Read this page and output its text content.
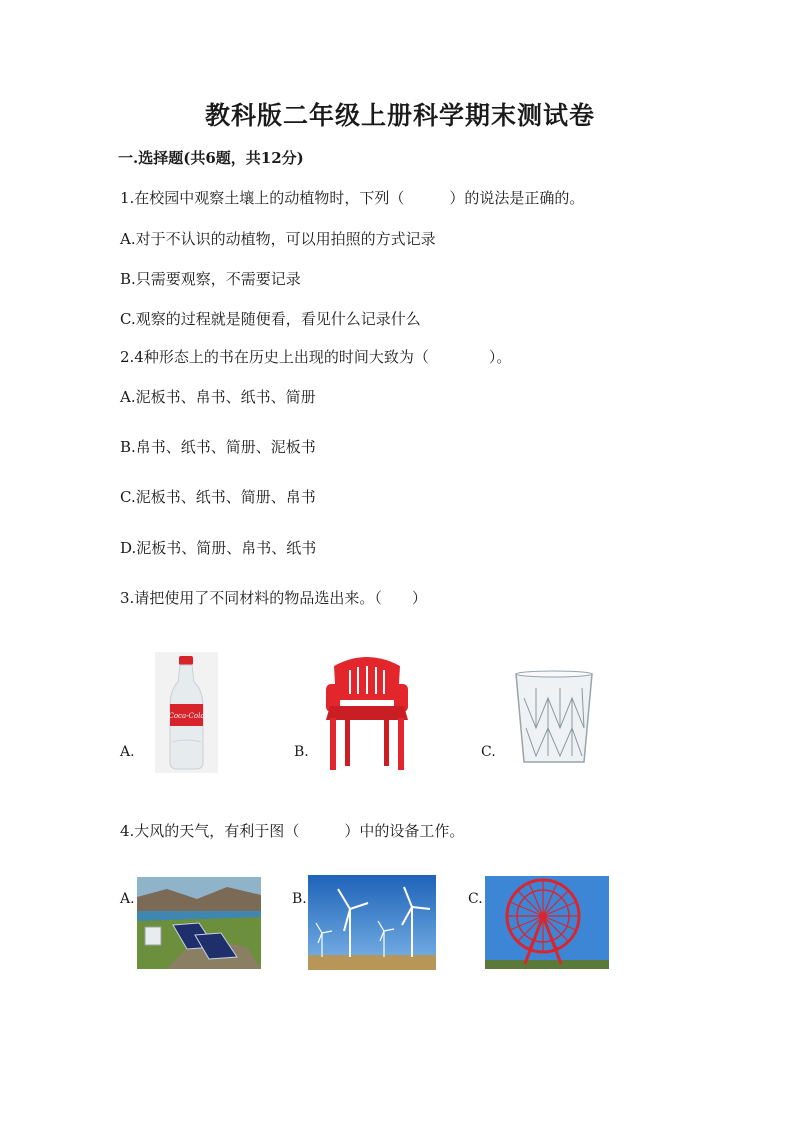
教科版二年级上册科学期末测试卷
一.选择题(共6题，共12分)
1.在校园中观察土壤上的动植物时，下列（　　　）的说法是正确的。
A.对于不认识的动植物，可以用拍照的方式记录
B.只需要观察，不需要记录
C.观察的过程就是随便看，看见什么记录什么
2.4种形态上的书在历史上出现的时间大致为（　　　　）。
A.泥板书、帛书、纸书、简册
B.帛书、纸书、简册、泥板书
C.泥板书、纸书、简册、帛书
D.泥板书、简册、帛书、纸书
3.请把使用了不同材料的物品选出来。（　　）
A.
Coca-Cola
B.	C.
4.大风的天气，有利于图（　　　）中的设备工作。
A.	B.	C.
